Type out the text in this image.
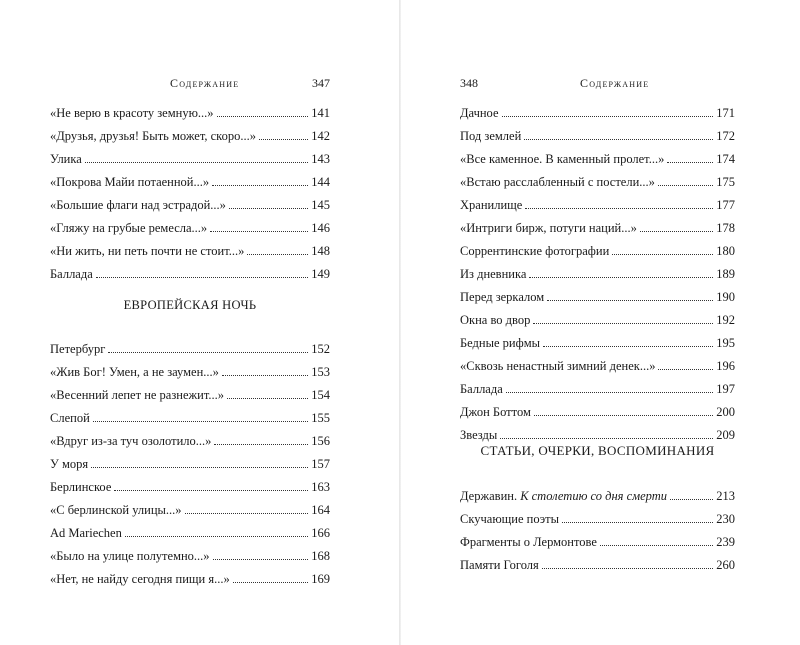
Содержание	347
«Не верю в красоту земную...»	141
«Друзья, друзья! Быть может, скоро...»	142
Улика	143
«Покрова Майи потаенной...»	144
«Большие флаги над эстрадой...»	145
«Гляжу на грубые ремесла...»	146
«Ни жить, ни петь почти не стоит...»	148
Баллада	149
ЕВРОПЕЙСКАЯ НОЧЬ
Петербург	152
«Жив Бог! Умен, а не заумен...»	153
«Весенний лепет не разнежит...»	154
Слепой	155
«Вдруг из-за туч озолотило...»	156
У моря	157
Берлинское	163
«С берлинской улицы...»	164
Ad Mariechen	166
«Было на улице полутемно...»	168
«Нет, не найду сегодня пищи я...»	169
348	Содержание
Дачное	171
Под землей	172
«Все каменное. В каменный пролет...»	174
«Встаю расслабленный с постели...»	175
Хранилище	177
«Интриги бирж, потуги наций...»	178
Соррентинские фотографии	180
Из дневника	189
Перед зеркалом	190
Окна во двор	192
Бедные рифмы	195
«Сквозь ненастный зимний денек...»	196
Баллада	197
Джон Боттом	200
Звезды	209
СТАТЬИ, ОЧЕРКИ, ВОСПОМИНАНИЯ
Державин. К столетию со дня смерти	213
Скучающие поэты	230
Фрагменты о Лермонтове	239
Памяти Гоголя	260
